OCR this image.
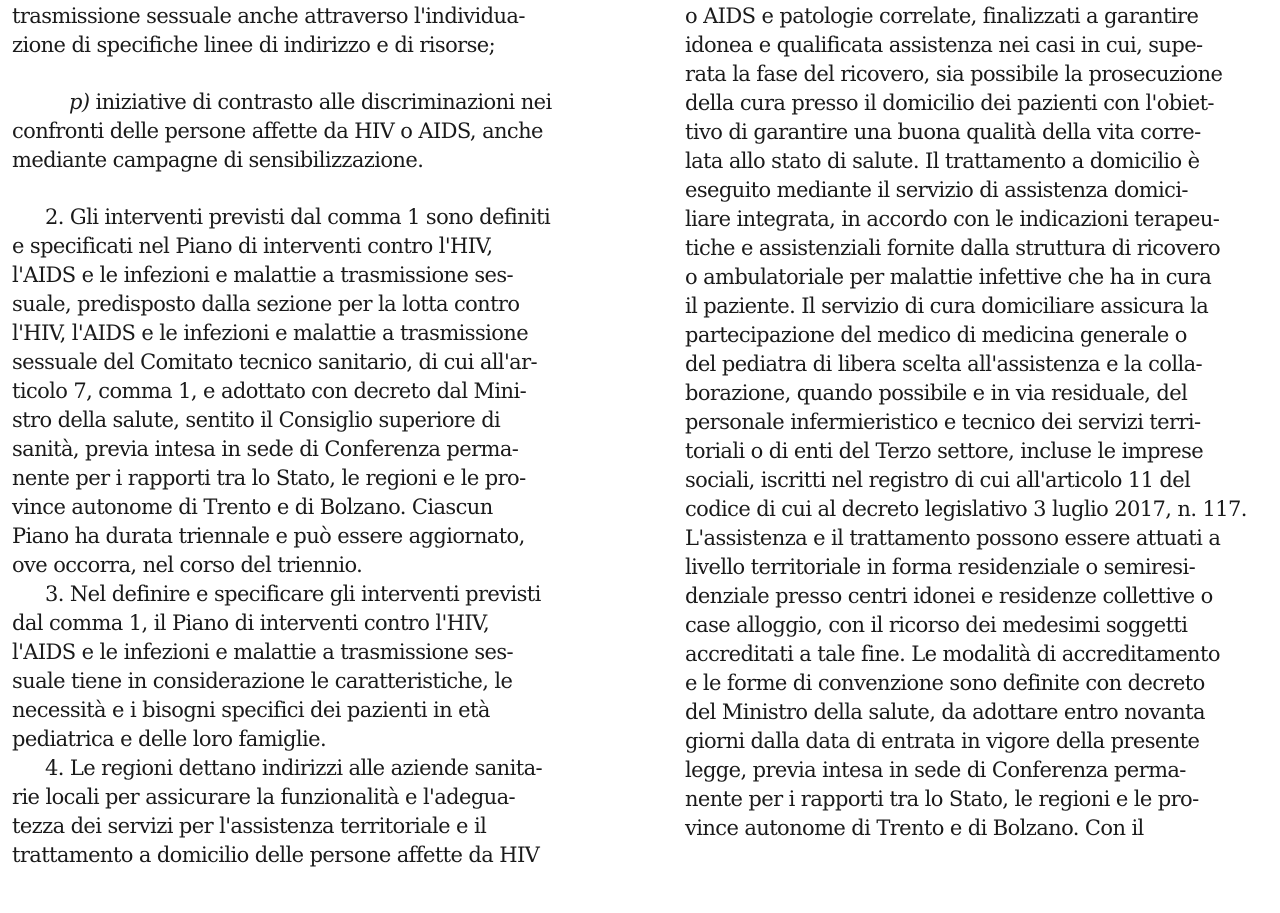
trasmissione sessuale anche attraverso l'individua-
zione di specifiche linee di indirizzo e di risorse;
p) iniziative di contrasto alle discriminazioni nei
confronti delle persone affette da HIV o AIDS, anche
mediante campagne di sensibilizzazione.
2. Gli interventi previsti dal comma 1 sono definiti
e specificati nel Piano di interventi contro l'HIV,
l'AIDS e le infezioni e malattie a trasmissione ses-
suale, predisposto dalla sezione per la lotta contro
l'HIV, l'AIDS e le infezioni e malattie a trasmissione
sessuale del Comitato tecnico sanitario, di cui all'ar-
ticolo 7, comma 1, e adottato con decreto dal Mini-
stro della salute, sentito il Consiglio superiore di
sanità, previa intesa in sede di Conferenza perma-
nente per i rapporti tra lo Stato, le regioni e le pro-
vince autonome di Trento e di Bolzano. Ciascun
Piano ha durata triennale e può essere aggiornato,
ove occorra, nel corso del triennio.
3. Nel definire e specificare gli interventi previsti
dal comma 1, il Piano di interventi contro l'HIV,
l'AIDS e le infezioni e malattie a trasmissione ses-
suale tiene in considerazione le caratteristiche, le
necessità e i bisogni specifici dei pazienti in età
pediatrica e delle loro famiglie.
4. Le regioni dettano indirizzi alle aziende sanita-
rie locali per assicurare la funzionalità e l'adegua-
tezza dei servizi per l'assistenza territoriale e il
trattamento a domicilio delle persone affette da HIV
o AIDS e patologie correlate, finalizzati a garantire
idonea e qualificata assistenza nei casi in cui, supe-
rata la fase del ricovero, sia possibile la prosecuzione
della cura presso il domicilio dei pazienti con l'obiet-
tivo di garantire una buona qualità della vita corre-
lata allo stato di salute. Il trattamento a domicilio è
eseguito mediante il servizio di assistenza domici-
liare integrata, in accordo con le indicazioni terapeu-
tiche e assistenziali fornite dalla struttura di ricovero
o ambulatoriale per malattie infettive che ha in cura
il paziente. Il servizio di cura domiciliare assicura la
partecipazione del medico di medicina generale o
del pediatra di libera scelta all'assistenza e la colla-
borazione, quando possibile e in via residuale, del
personale infermieristico e tecnico dei servizi terri-
toriali o di enti del Terzo settore, incluse le imprese
sociali, iscritti nel registro di cui all'articolo 11 del
codice di cui al decreto legislativo 3 luglio 2017, n. 117.
L'assistenza e il trattamento possono essere attuati a
livello territoriale in forma residenziale o semiresi-
denziale presso centri idonei e residenze collettive o
case alloggio, con il ricorso dei medesimi soggetti
accreditati a tale fine. Le modalità di accreditamento
e le forme di convenzione sono definite con decreto
del Ministro della salute, da adottare entro novanta
giorni dalla data di entrata in vigore della presente
legge, previa intesa in sede di Conferenza perma-
nente per i rapporti tra lo Stato, le regioni e le pro-
vince autonome di Trento e di Bolzano. Con il
